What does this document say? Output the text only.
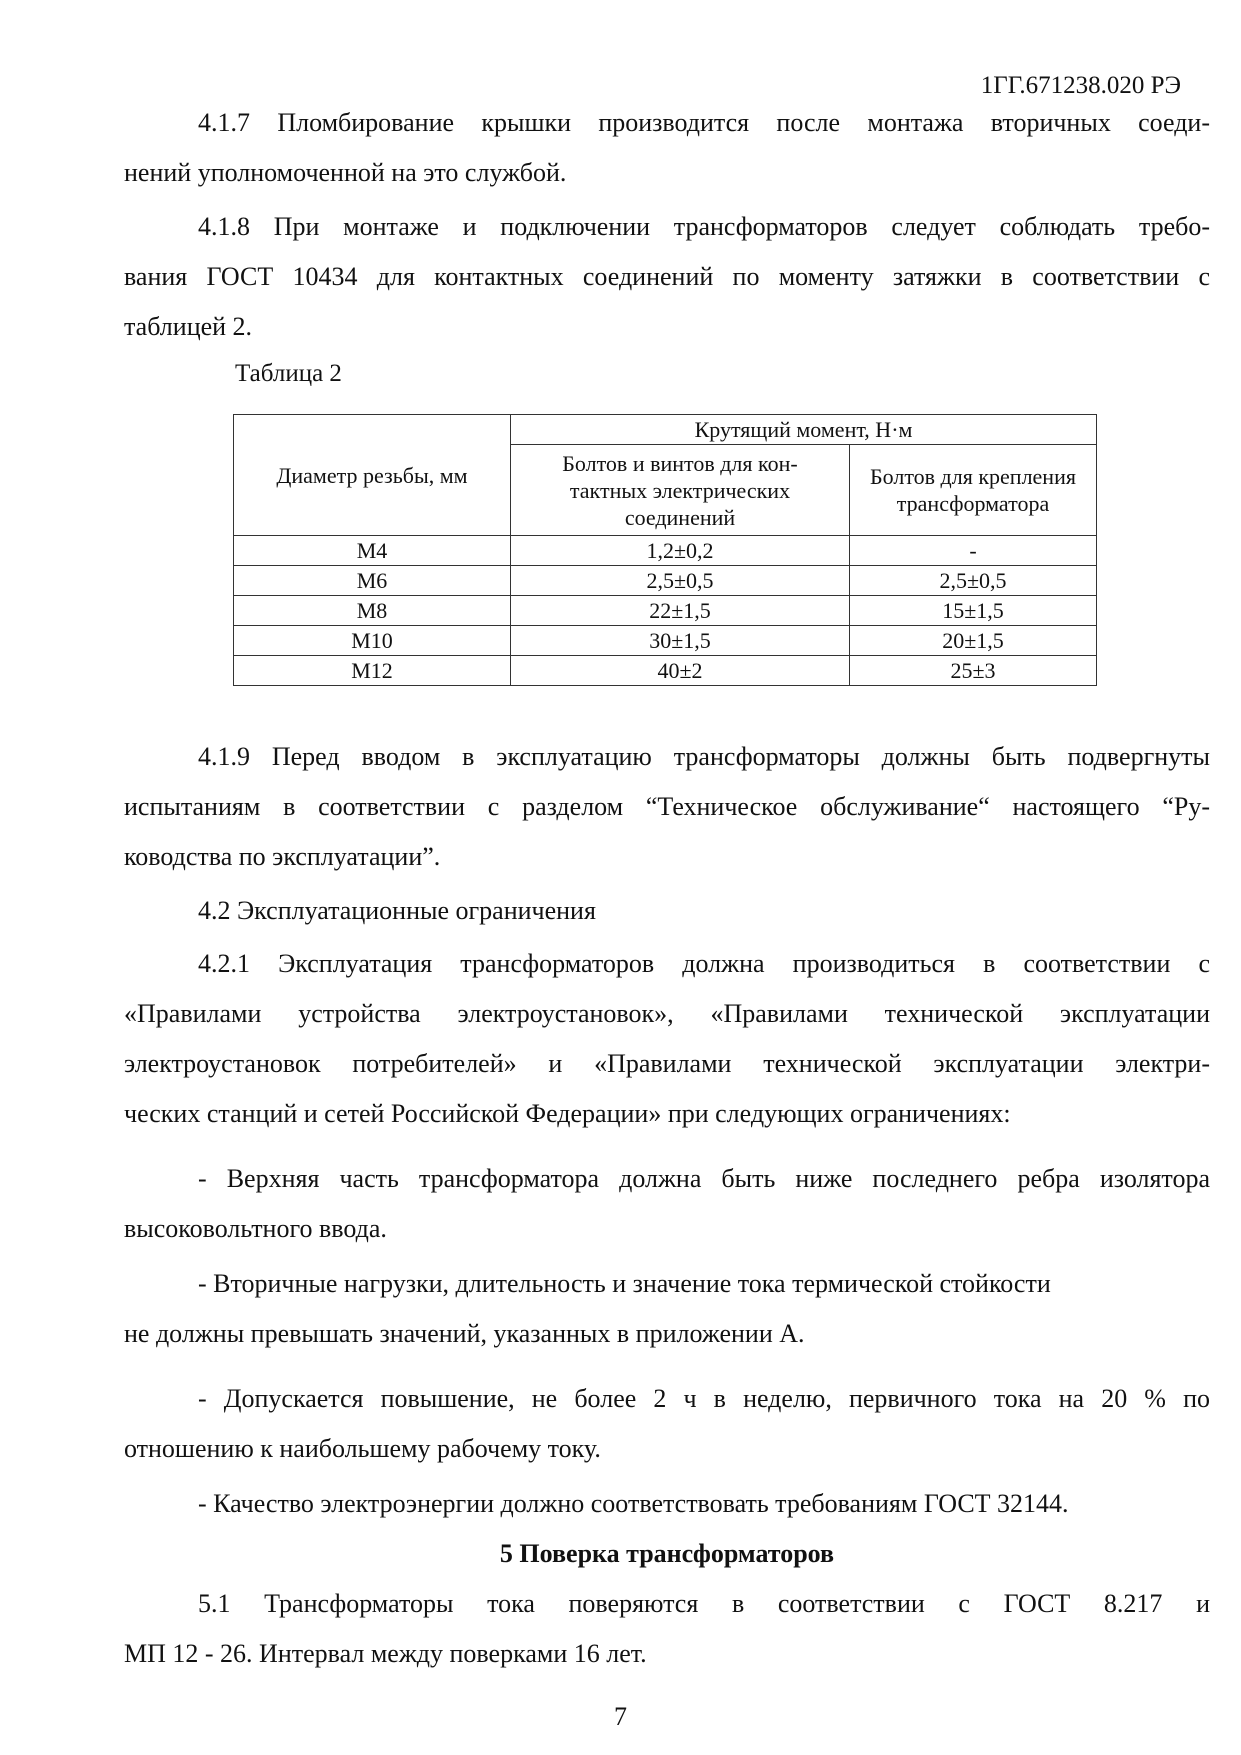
1ГГ.671238.020 РЭ

4.1.7 Пломбирование крышки производится после монтажа вторичных соеди-

нений уполномоченной на это службой.

4.1.8 При монтаже и подключении трансформаторов следует соблюдать требо-

вания ГОСТ 10434 для контактных соединений по моменту затяжки в соответствии с

таблицей 2.

Таблица 2
Диаметр резьбы, мм	Крутящий момент, Н·м	
	Болтов и винтов для кон-тактных электрических соединений	Болтов для крепления трансформатора
М4	1,2±0,2	-
М6	2,5±0,5	2,5±0,5
М8	22±1,5	15±1,5
М10	30±1,5	20±1,5
М12	40±2	25±3

4.1.9 Перед вводом в эксплуатацию трансформаторы должны быть подвергнуты

испытаниям в соответствии с разделом “Техническое обслуживание“ настоящего “Ру-

ководства по эксплуатации”.

4.2 Эксплуатационные ограничения

4.2.1 Эксплуатация трансформаторов должна производиться в соответствии с

«Правилами устройства электроустановок», «Правилами технической эксплуатации

электроустановок потребителей» и «Правилами технической эксплуатации электри-

ческих станций и сетей Российской Федерации» при следующих ограничениях:

- Верхняя часть трансформатора должна быть ниже последнего ребра изолятора

высоковольтного ввода.

- Вторичные нагрузки, длительность и значение тока термической стойкости

не должны превышать значений, указанных в приложении А.

- Допускается повышение, не более 2 ч в неделю, первичного тока на 20 % по

отношению к наибольшему рабочему току.

- Качество электроэнергии должно соответствовать требованиям ГОСТ 32144.

5 Поверка трансформаторов

5.1 Трансформаторы тока поверяются в соответствии с ГОСТ 8.217 и

МП 12 - 26. Интервал между поверками 16 лет.

7
